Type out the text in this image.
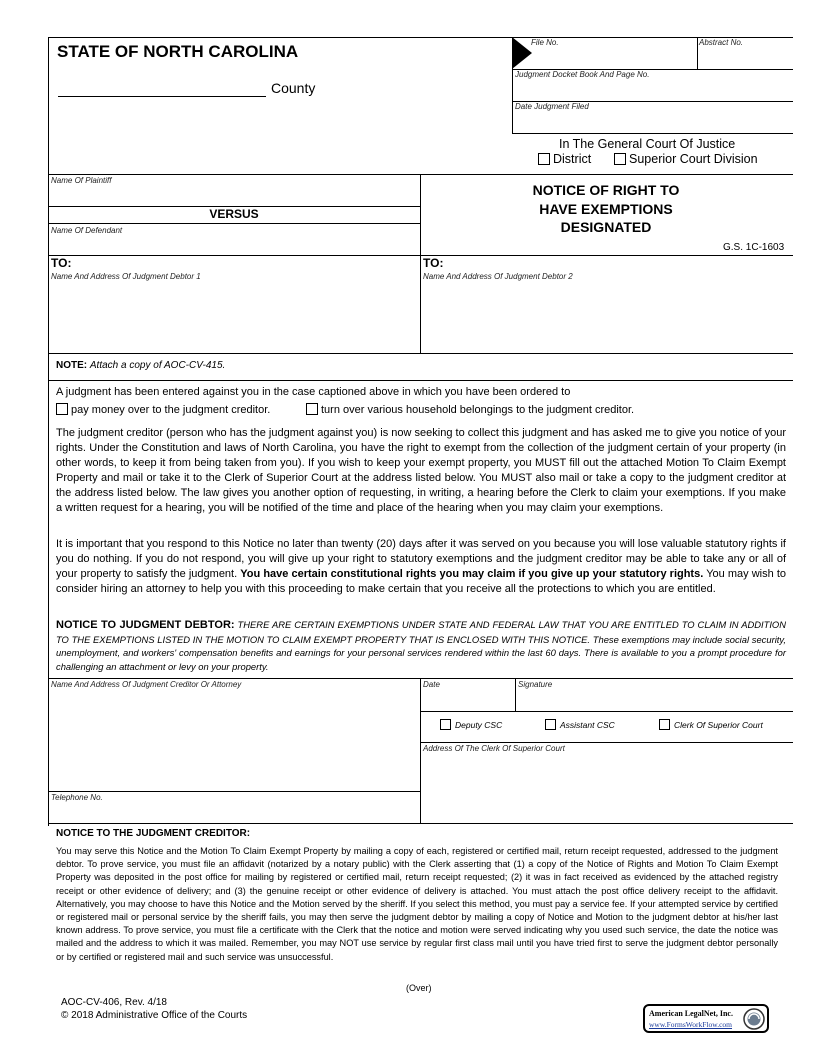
STATE OF NORTH CAROLINA
County
File No.	Abstract No.
Judgment Docket Book And Page No.
Date Judgment Filed
In The General Court Of Justice
District	Superior Court Division
Name Of Plaintiff
VERSUS
Name Of Defendant
NOTICE OF RIGHT TO
HAVE EXEMPTIONS
DESIGNATED
G.S. 1C-1603
TO:
Name And Address Of Judgment Debtor 1
TO:
Name And Address Of Judgment Debtor 2
NOTE: Attach a copy of AOC-CV-415.
A judgment has been entered against you in the case captioned above in which you have been ordered to
pay money over to the judgment creditor.	turn over various household belongings to the judgment creditor.
The judgment creditor (person who has the judgment against you) is now seeking to collect this judgment and has asked me to give you notice of your rights. Under the Constitution and laws of North Carolina, you have the right to exempt from the collection of the judgment certain of your property (in other words, to keep it from being taken from you). If you wish to keep your exempt property, you MUST fill out the attached Motion To Claim Exempt Property and mail or take it to the Clerk of Superior Court at the address listed below. You MUST also mail or take a copy to the judgment creditor at the address listed below. The law gives you another option of requesting, in writing, a hearing before the Clerk to claim your exemptions. If you make a written request for a hearing, you will be notified of the time and place of the hearing when you may claim your exemptions.
It is important that you respond to this Notice no later than twenty (20) days after it was served on you because you will lose valuable statutory rights if you do nothing. If you do not respond, you will give up your right to statutory exemptions and the judgment creditor may be able to take any or all of your property to satisfy the judgment. You have certain constitutional rights you may claim if you give up your statutory rights. You may wish to consider hiring an attorney to help you with this proceeding to make certain that you receive all the protections to which you are entitled.
NOTICE TO JUDGMENT DEBTOR: THERE ARE CERTAIN EXEMPTIONS UNDER STATE AND FEDERAL LAW THAT YOU ARE ENTITLED TO CLAIM IN ADDITION TO THE EXEMPTIONS LISTED IN THE MOTION TO CLAIM EXEMPT PROPERTY THAT IS ENCLOSED WITH THIS NOTICE. These exemptions may include social security, unemployment, and workers' compensation benefits and earnings for your personal services rendered within the last 60 days. There is available to you a prompt procedure for challenging an attachment or levy on your property.
Name And Address Of Judgment Creditor Or Attorney
Telephone No.
Date	Signature
Deputy CSC	Assistant CSC	Clerk Of Superior Court
Address Of The Clerk Of Superior Court
NOTICE TO THE JUDGMENT CREDITOR:
You may serve this Notice and the Motion To Claim Exempt Property by mailing a copy of each, registered or certified mail, return receipt requested, addressed to the judgment debtor. To prove service, you must file an affidavit (notarized by a notary public) with the Clerk asserting that (1) a copy of the Notice of Rights and Motion To Claim Exempt Property was deposited in the post office for mailing by registered or certified mail, return receipt requested; (2) it was in fact received as evidenced by the attached registry receipt or other evidence of delivery; and (3) the genuine receipt or other evidence of delivery is attached. You must attach the post office delivery receipt to the affidavit. Alternatively, you may choose to have this Notice and the Motion served by the sheriff. If you select this method, you must pay a service fee. If your attempted service by certified or registered mail or personal service by the sheriff fails, you may then serve the judgment debtor by mailing a copy of Notice and Motion to the judgment debtor at his/her last known address. To prove service, you must file a certificate with the Clerk that the notice and motion were served indicating why you used such service, the date the notice was mailed and the address to which it was mailed. Remember, you may NOT use service by regular first class mail until you have tried first to serve the judgment debtor personally or by certified or registered mail and such service was unsuccessful.
(Over)
AOC-CV-406, Rev. 4/18
© 2018 Administrative Office of the Courts	American LegalNet, Inc.
www.FormsWorkFlow.com
